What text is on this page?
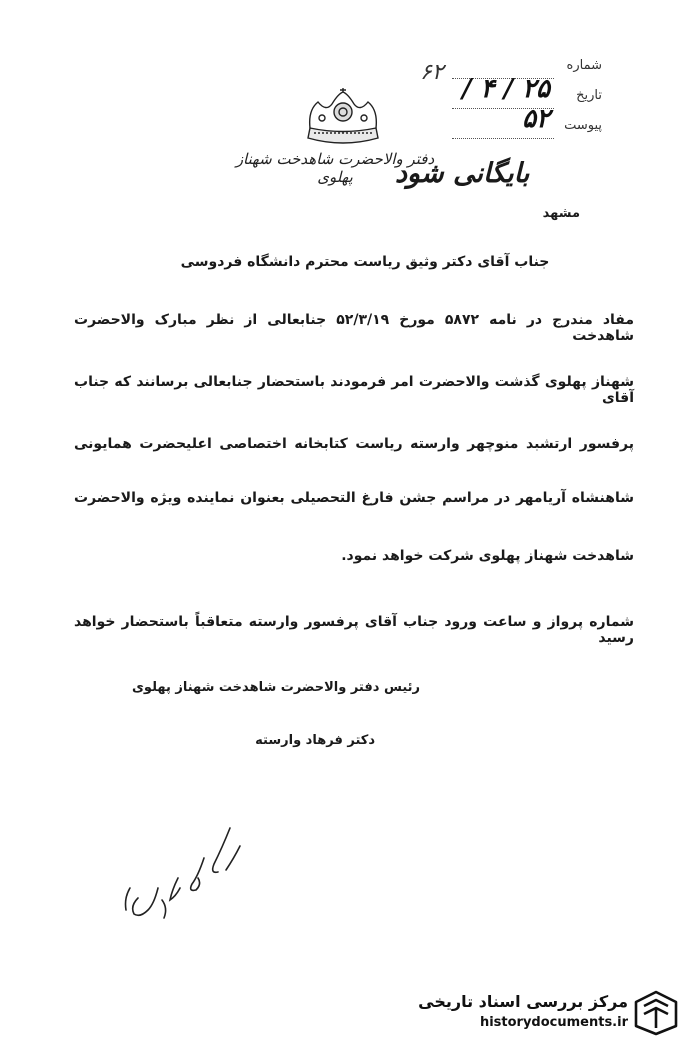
۶۲	شماره
تاریخ
۲۵ / ۴ / ۵۲ پیوست
دفتر والاحضرت شاهدخت شهناز پهلوی	بایگانی شود
مشهد
جناب آقای دکتر وثیق ریاست محترم دانشگاه فردوسی
مفاد مندرج در نامه ۵۸۷۲ مورخ ۵۲/۳/۱۹ جنابعالی از نظر مبارک والاحضرت شاهدخت
شهناز پهلوی گذشت والاحضرت امر فرمودند باستحضار جنابعالی برسانند که جناب آقای
پرفسور ارتشبد منوچهر وارسته ریاست کتابخانه اختصاصی اعلیحضرت همایونی
شاهنشاه آریامهر در مراسم جشن فارغ التحصیلی بعنوان نماینده ویژه والاحضرت
شاهدخت شهناز پهلوی شرکت خواهد نمود.
شماره پرواز و ساعت ورود جناب آقای پرفسور وارسته متعاقباً باستحضار خواهد رسید
رئیس دفتر والاحضرت شاهدخت شهناز پهلوی
دکتر فرهاد وارسته
مرکز بررسی اسناد تاریخی
historydocuments.ir
